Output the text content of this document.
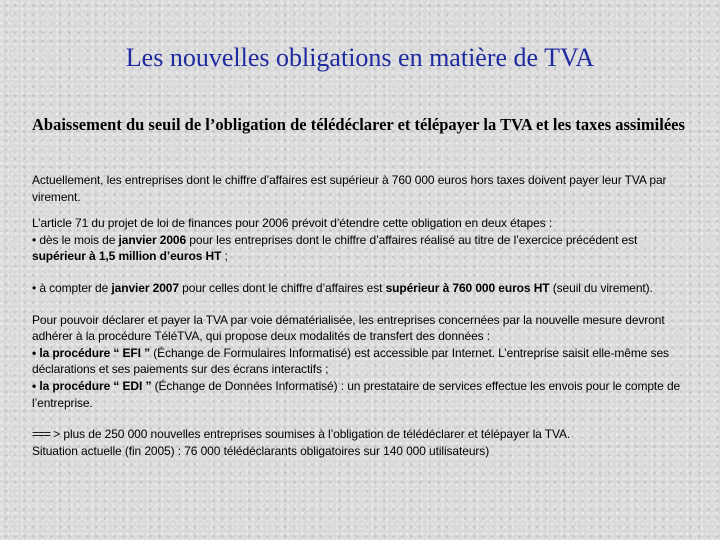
Les nouvelles obligations en matière de TVA
Abaissement du seuil de l’obligation de télédéclarer et télépayer la TVA et les taxes assimilées

Actuellement, les entreprises dont le chiffre d’affaires est supérieur à 760 000 euros hors taxes doivent payer leur TVA par virement.

L’article 71 du projet de loi de finances pour 2006 prévoit d’étendre cette obligation en deux étapes :
• dès le mois de janvier 2006 pour les entreprises dont le chiffre d’affaires réalisé au titre de l’exercice précédent est supérieur à 1,5 million d’euros HT ;

• à compter de janvier 2007 pour celles dont le chiffre d’affaires est supérieur à 760 000 euros HT (seuil du virement).

Pour pouvoir déclarer et payer la TVA par voie dématérialisée, les entreprises concernées par la nouvelle mesure devront adhérer à la procédure TéléTVA, qui propose deux modalités de transfert des données :
• la procédure “ EFI ” (Échange de Formulaires Informatisé) est accessible par Internet. L’entreprise saisit elle-même ses déclarations et ses paiements sur des écrans interactifs ;
• la procédure “ EDI ” (Échange de Données Informatisé) : un prestataire de services effectue les envois pour le compte de l’entreprise.

=== > plus de 250 000 nouvelles entreprises soumises à l’obligation de télédéclarer et télépayer la TVA.
Situation actuelle (fin 2005) : 76 000 télédéclarants obligatoires sur 140 000 utilisateurs)
